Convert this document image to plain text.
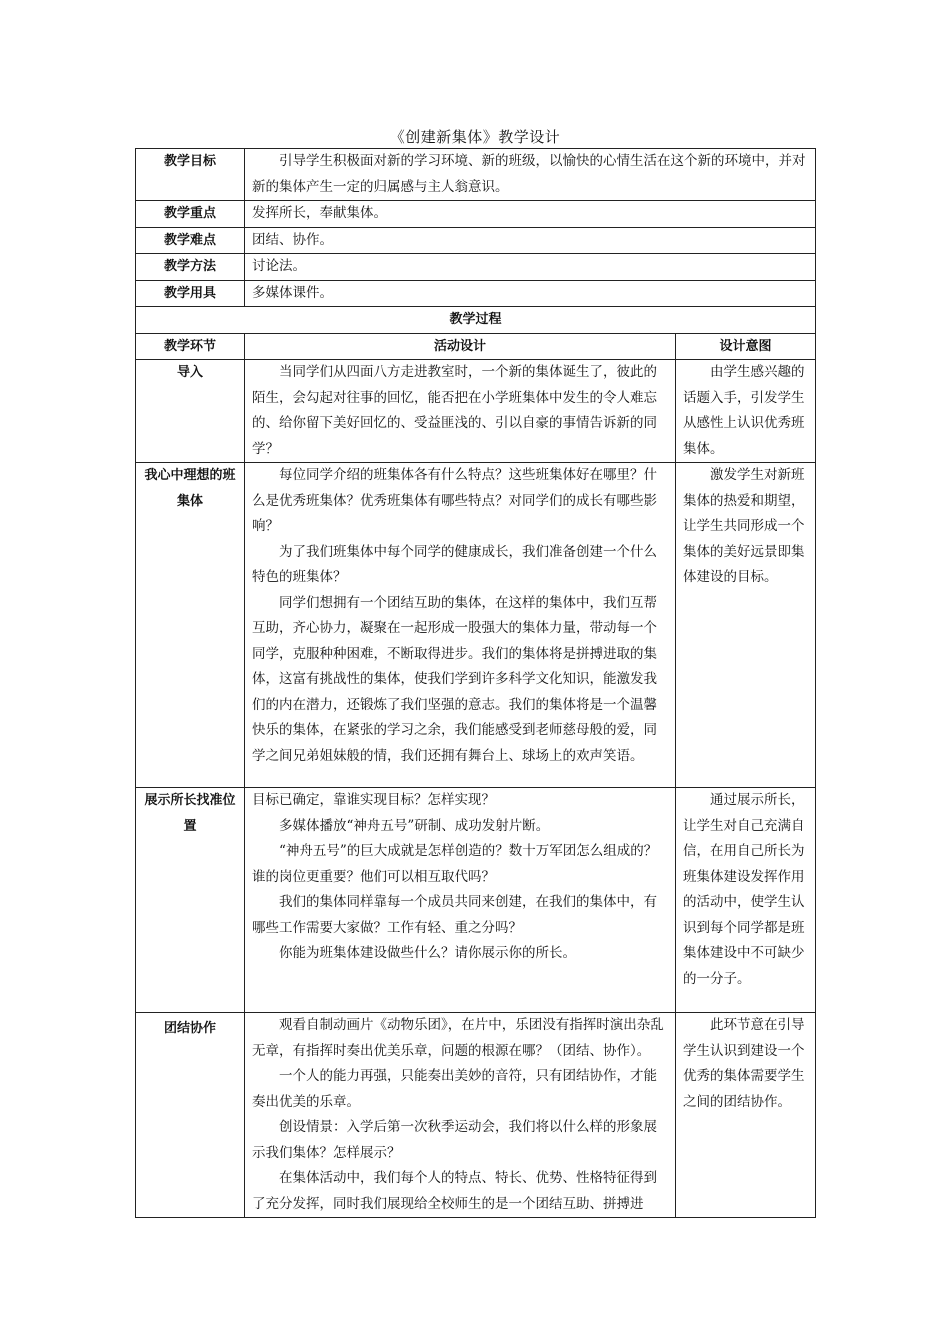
《创建新集体》教学设计
教学目标	引导学生积极面对新的学习环境、新的班级，以愉快的心情生活在这个新的环境中，并对新的集体产生一定的归属感与主人翁意识。	

教学重点	发挥所长，奉献集体。	
教学难点	团结、协作。	
教学方法	讨论法。	
教学用具	多媒体课件。	
教学过程		
教学环节	活动设计	设计意图
导入	当同学们从四面八方走进教室时，一个新的集体诞生了，彼此的陌生，会勾起对往事的回忆，能否把在小学班集体中发生的令人难忘的、给你留下美好回忆的、受益匪浅的、引以自豪的事情告诉新的同学？	由学生感兴趣的话题入手，引发学生从感性上认识优秀班集体。

我心中理想的班集体	每位同学介绍的班集体各有什么特点？这些班集体好在哪里？什么是优秀班集体？优秀班集体有哪些特点？对同学们的成长有哪些影响？

为了我们班集体中每个同学的健康成长，我们准备创建一个什么特色的班集体？

同学们想拥有一个团结互助的集体，在这样的集体中，我们互帮互助，齐心协力，凝聚在一起形成一股强大的集体力量，带动每一个同学，克服种种困难，不断取得进步。我们的集体将是拼搏进取的集体，这富有挑战性的集体，使我们学到许多科学文化知识，能激发我们的内在潜力，还锻炼了我们坚强的意志。我们的集体将是一个温馨快乐的集体，在紧张的学习之余，我们能感受到老师慈母般的爱，同学之间兄弟姐妹般的情，我们还拥有舞台上、球场上的欢声笑语。	激发学生对新班集体的热爱和期望，让学生共同形成一个集体的美好远景即集体建设的目标。

展示所长找准位置	目标已确定，靠谁实现目标？怎样实现？

多媒体播放“神舟五号”研制、成功发射片断。

“神舟五号”的巨大成就是怎样创造的？数十万军团怎么组成的？谁的岗位更重要？他们可以相互取代吗？

我们的集体同样靠每一个成员共同来创建，在我们的集体中，有哪些工作需要大家做？工作有轻、重之分吗？

你能为班集体建设做些什么？请你展示你的所长。	通过展示所长，让学生对自己充满自信，在用自己所长为班集体建设发挥作用的活动中，使学生认识到每个同学都是班集体建设中不可缺少的一分子。

团结协作	观看自制动画片《动物乐团》，在片中，乐团没有指挥时演出杂乱无章，有指挥时奏出优美乐章，问题的根源在哪？（团结、协作）。

一个人的能力再强，只能奏出美妙的音符，只有团结协作，才能奏出优美的乐章。

创设情景：入学后第一次秋季运动会，我们将以什么样的形象展示我们集体？怎样展示？

在集体活动中，我们每个人的特点、特长、优势、性格特征得到了充分发挥，同时我们展现给全校师生的是一个团结互助、拼搏进	此环节意在引导学生认识到建设一个优秀的集体需要学生之间的团结协作。
